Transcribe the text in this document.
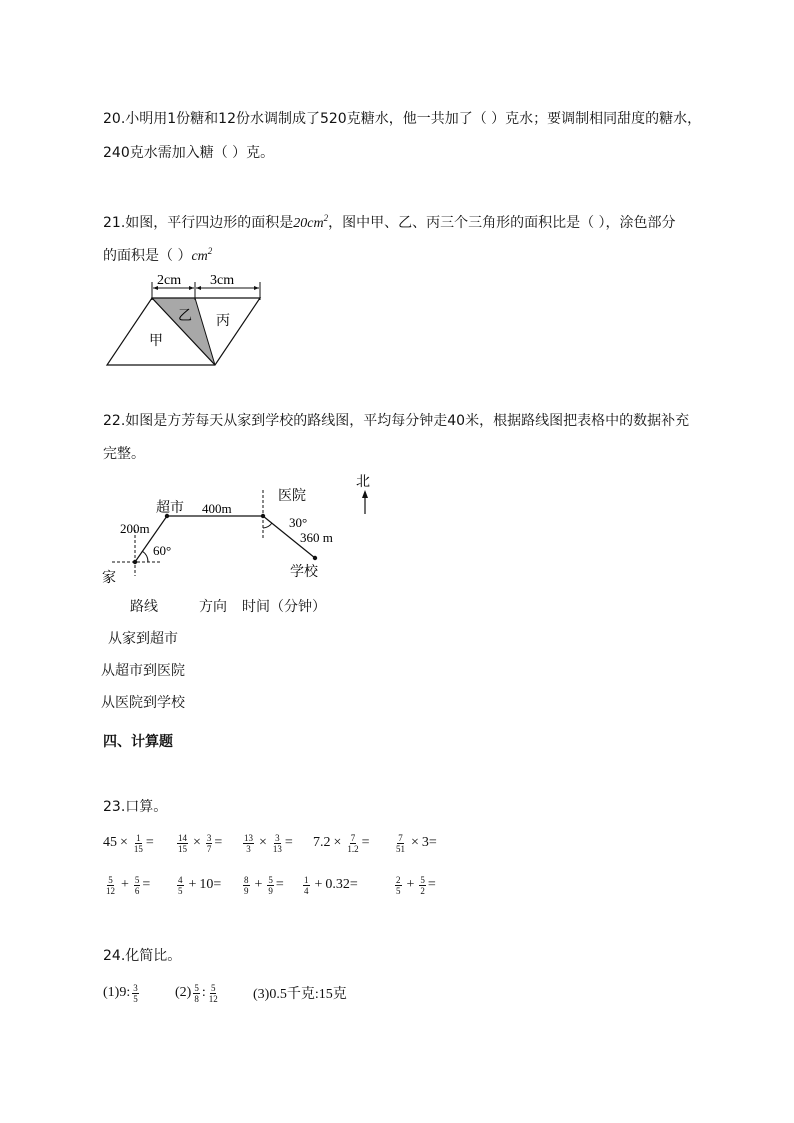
20.小明用1份糖和12份水调制成了520克糖水，他一共加了（ ）克水；要调制相同甜度的糖水，
240克水需加入糖（ ）克。
21.如图，平行四边形的面积是$20cm^2$，图中甲、乙、丙三个三角形的面积比是（ ），涂色部分
的面积是（ ）$cm^2$
2cm 3cm
甲
乙 丙
22.如图是方芳每天从家到学校的路线图，平均每分钟走40米，根据路线图把表格中的数据补充
完整。
北
超市
医院
家	学校
200m
400m
360 m
60°
30°
路线	方向 时间（分钟）
从家到超市
从超市到医院
从医院到学校
四、计算题
23.口算。
$45 \times \frac{1}{15}$ =	$\frac{14}{15} \times \frac{3}{7} = \frac{13}{3} \times \frac{3}{13} = 7.2 \times \frac{7}{1.2}$ =	$\frac{7}{51} \times 3$ =
$\frac{5}{12} + \frac{5}{6}$ =	$\frac{4}{5} + 10 = \frac{8}{9} + \frac{5}{9} = \frac{1}{4} + 0.32$ =	$\frac{2}{5} + \frac{5}{2}$ =
24.化简比。
(1)9: $\frac{3}{5}$	$(2) \frac{5}{8}$ : $\frac{5}{12} (3)0.5$千克:15克
